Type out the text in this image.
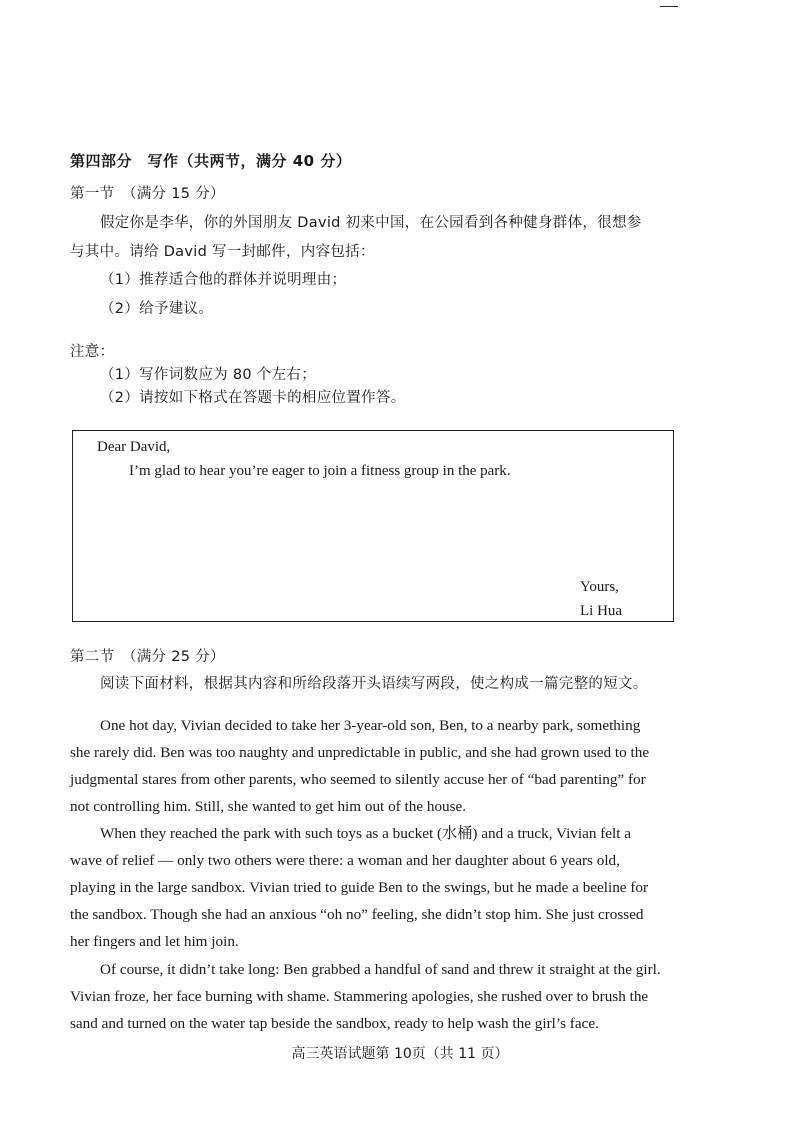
第四部分　写作（共两节，满分 40 分）
第一节　（满分 15 分）
假定你是李华，你的外国朋友 David 初来中国，在公园看到各种健身群体，很想参
与其中。请给 David 写一封邮件，内容包括：
（1）推荐适合他的群体并说明理由；
（2）给予建议。
注意：
（1）写作词数应为 80 个左右；
（2）请按如下格式在答题卡的相应位置作答。
Dear David,
I’m glad to hear you’re eager to join a fitness group in the park.
Yours,
Li Hua
第二节　（满分 25 分）
阅读下面材料，根据其内容和所给段落开头语续写两段，使之构成一篇完整的短文。
One hot day, Vivian decided to take her 3-year-old son, Ben, to a nearby park, something
she rarely did. Ben was too naughty and unpredictable in public, and she had grown used to the
judgmental stares from other parents, who seemed to silently accuse her of “bad parenting” for
not controlling him. Still, she wanted to get him out of the house.
When they reached the park with such toys as a bucket (水桶) and a truck, Vivian felt a
wave of relief — only two others were there: a woman and her daughter about 6 years old,
playing in the large sandbox. Vivian tried to guide Ben to the swings, but he made a beeline for
the sandbox. Though she had an anxious “oh no” feeling, she didn’t stop him. She just crossed
her fingers and let him join.
Of course, it didn’t take long: Ben grabbed a handful of sand and threw it straight at the girl.
Vivian froze, her face burning with shame. Stammering apologies, she rushed over to brush the
sand and turned on the water tap beside the sandbox, ready to help wash the girl’s face.
高三英语试题第 10页（共 11 页）
